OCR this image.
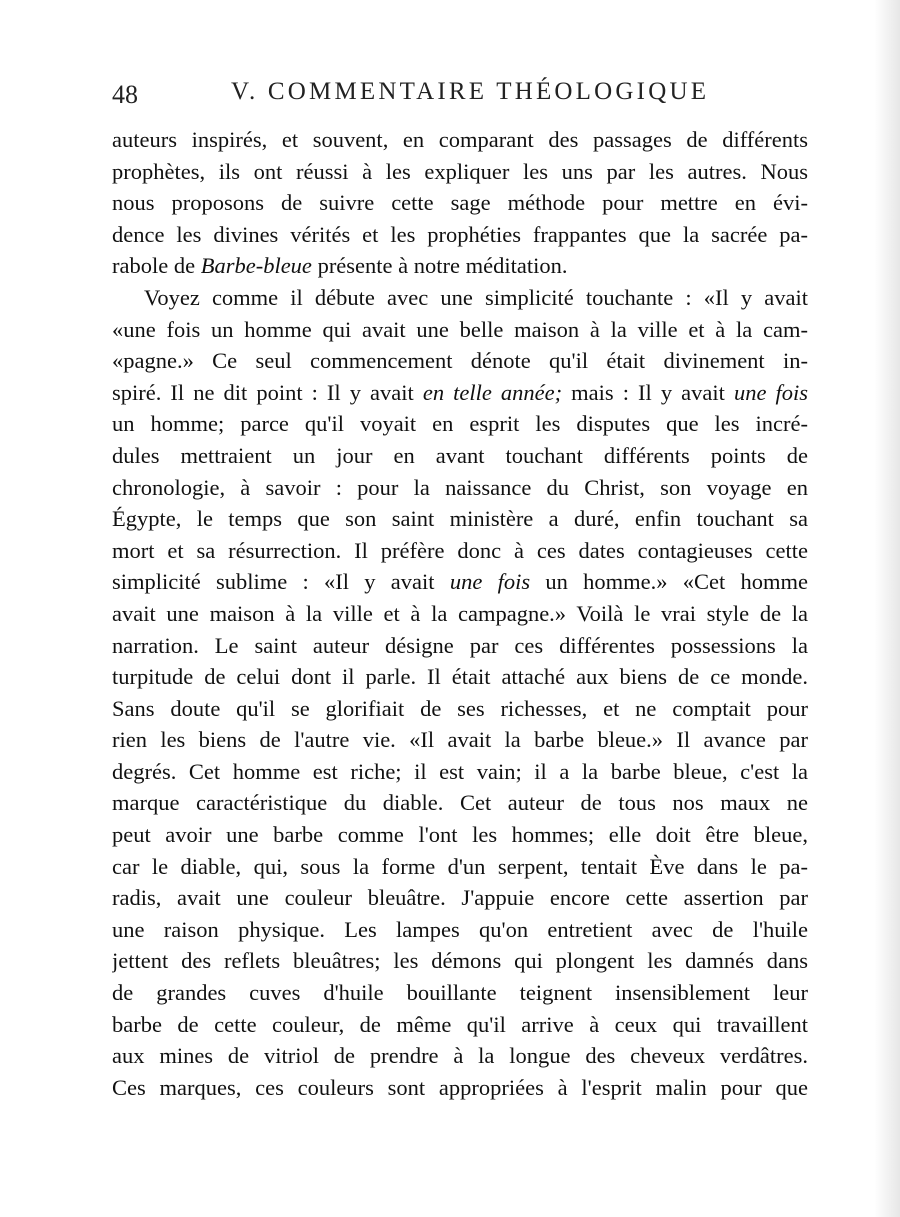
48	V. COMMENTAIRE THÉOLOGIQUE
auteurs inspirés, et souvent, en comparant des passages de différents
prophètes, ils ont réussi à les expliquer les uns par les autres. Nous
nous proposons de suivre cette sage méthode pour mettre en évi-
dence les divines vérités et les prophéties frappantes que la sacrée pa-
rabole de Barbe-bleue présente à notre méditation.
Voyez comme il débute avec une simplicité touchante : «Il y avait
«une fois un homme qui avait une belle maison à la ville et à la cam-
«pagne.» Ce seul commencement dénote qu'il était divinement in-
spiré. Il ne dit point : Il y avait en telle année; mais : Il y avait une fois
un homme; parce qu'il voyait en esprit les disputes que les incré-
dules mettraient un jour en avant touchant différents points de
chronologie, à savoir : pour la naissance du Christ, son voyage en
Égypte, le temps que son saint ministère a duré, enfin touchant sa
mort et sa résurrection. Il préfère donc à ces dates contagieuses cette
simplicité sublime : «Il y avait une fois un homme.» «Cet homme
avait une maison à la ville et à la campagne.» Voilà le vrai style de la
narration. Le saint auteur désigne par ces différentes possessions la
turpitude de celui dont il parle. Il était attaché aux biens de ce monde.
Sans doute qu'il se glorifiait de ses richesses, et ne comptait pour
rien les biens de l'autre vie. «Il avait la barbe bleue.» Il avance par
degrés. Cet homme est riche; il est vain; il a la barbe bleue, c'est la
marque caractéristique du diable. Cet auteur de tous nos maux ne
peut avoir une barbe comme l'ont les hommes; elle doit être bleue,
car le diable, qui, sous la forme d'un serpent, tentait Ève dans le pa-
radis, avait une couleur bleuâtre. J'appuie encore cette assertion par
une raison physique. Les lampes qu'on entretient avec de l'huile
jettent des reflets bleuâtres; les démons qui plongent les damnés dans
de grandes cuves d'huile bouillante teignent insensiblement leur
barbe de cette couleur, de même qu'il arrive à ceux qui travaillent
aux mines de vitriol de prendre à la longue des cheveux verdâtres.
Ces marques, ces couleurs sont appropriées à l'esprit malin pour que
